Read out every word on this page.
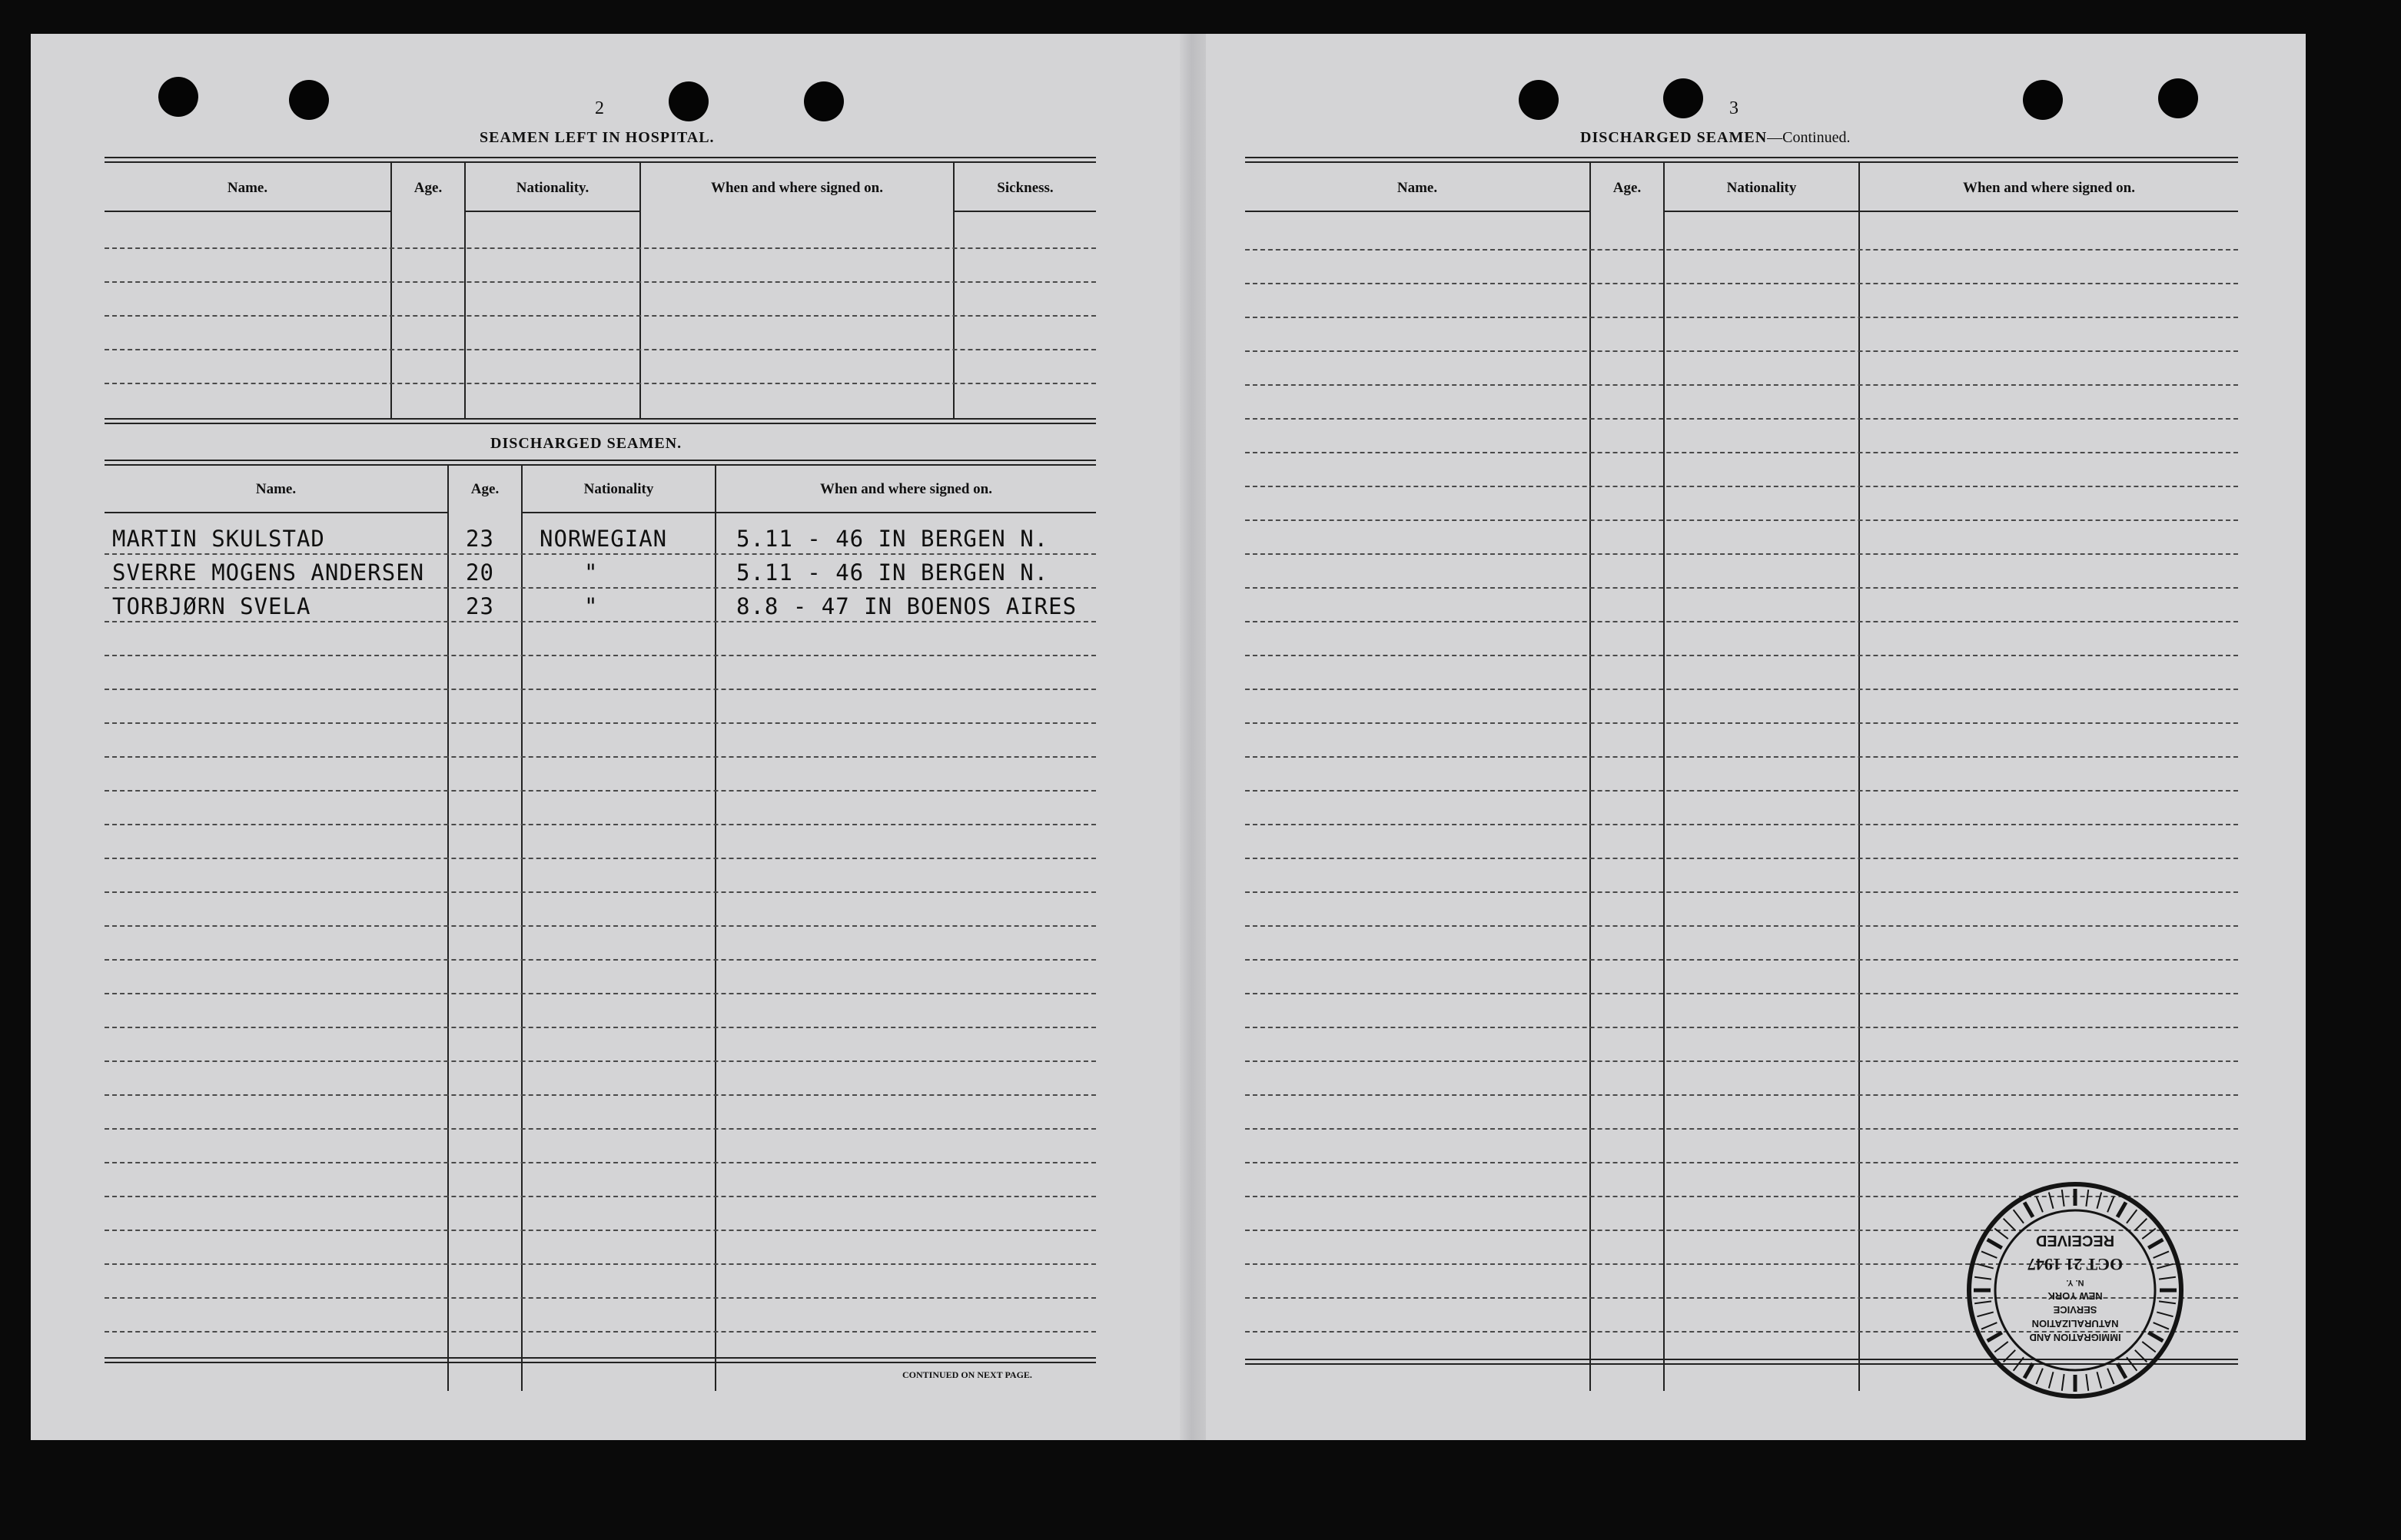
2
SEAMEN LEFT IN HOSPITAL.
Name.	Age.	Nationality.	When and where signed on.	Sickness.
DISCHARGED SEAMEN.
Name.	Age.	Nationality	When and where signed on.
MARTIN SKULSTAD	23 NORWEGIAN	5.11 - 46 IN BERGEN N.
SVERRE MOGENS ANDERSEN 20	"	5.11 - 46 IN BERGEN N.
TORBJØRN SVELA	23	"	8.8 - 47 IN BOENOS AIRES
CONTINUED ON NEXT PAGE.
3
DISCHARGED SEAMEN—Continued.
Name.	Age.	Nationality	When and where signed on.
IMMIGRATION AND
NATURALIZATION
SERVICE
NEW YORK
N. Y.
OCT 21 1947
RECEIVED
